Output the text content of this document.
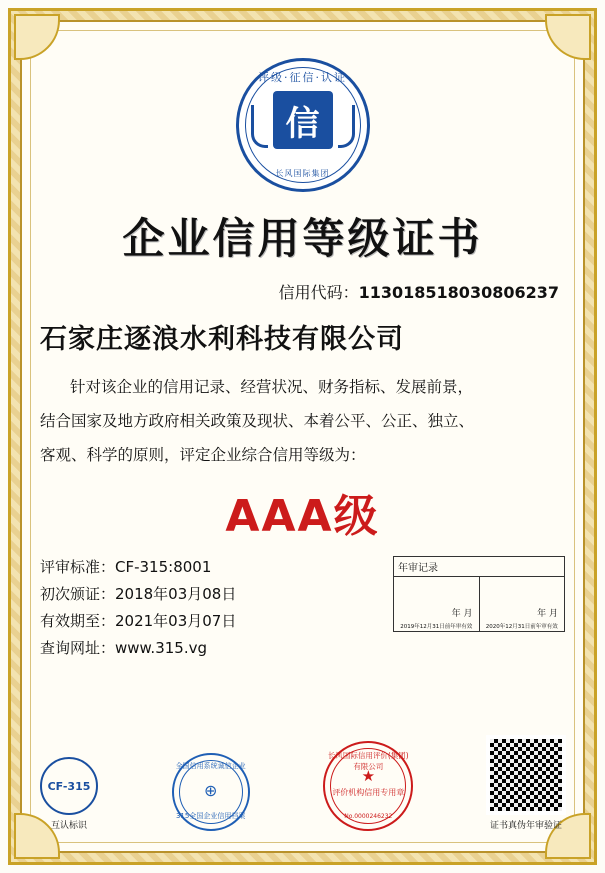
评级·征信·认证
信
长风国际集团
企业信用等级证书
信用代码：113018518030806237
石家庄逐浪水利科技有限公司
针对该企业的信用记录、经营状况、财务指标、发展前景，
结合国家及地方政府相关政策及现状、本着公平、公正、独立、
客观、科学的原则，评定企业综合信用等级为：
AAA级
评审标准：CF-315:8001
初次颁证：2018年03月08日
有效期至：2021年03月07日
查询网址：www.315.vg
年审记录
年 月
2019年12月31日前年审有效
年 月
2020年12月31日前年审有效
CF-315
互认标识
全国信用系统诚信企业
⊕
315全国企业信用档案
长风国际信用评价(集团)有限公司
★
评价机构信用专用章
No.0000246232
证书真伪年审验证
